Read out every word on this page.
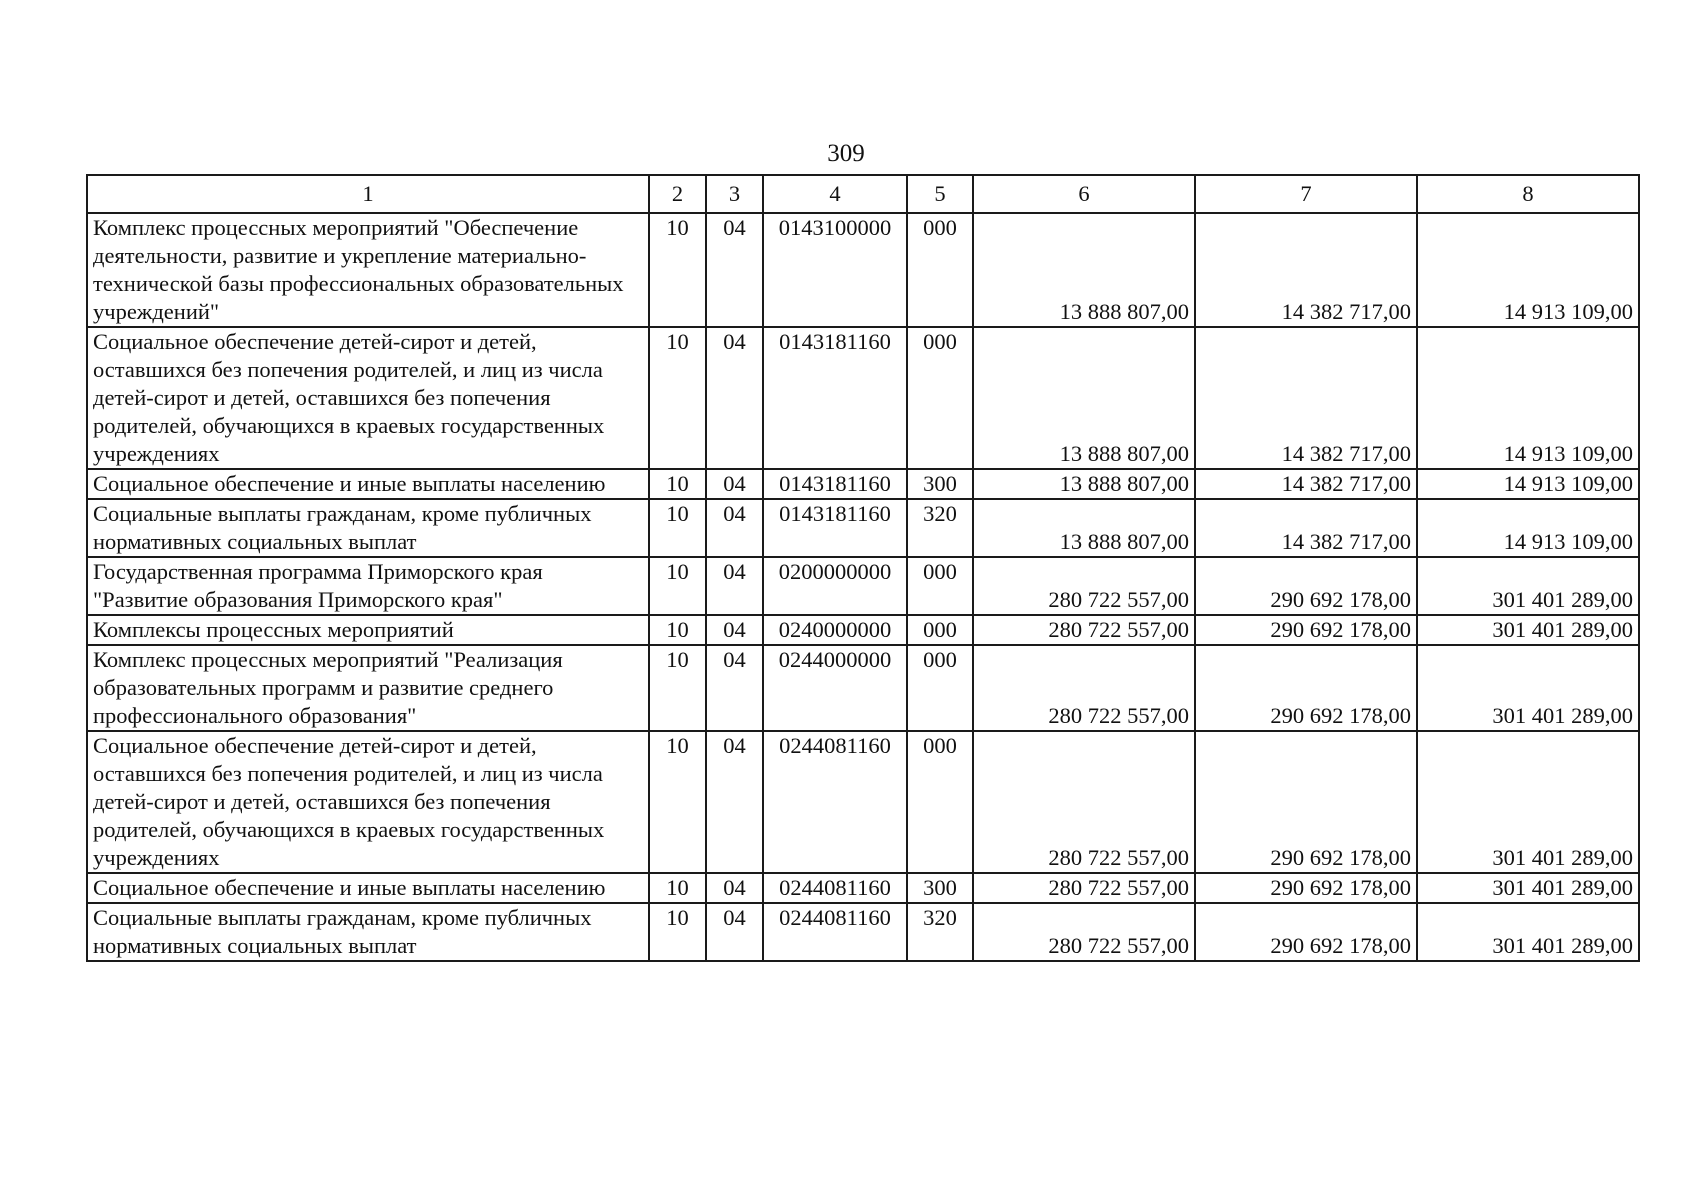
309
1	2	3	4	5	6	7	8
Комплекс процессных мероприятий "Обеспечение деятельности, развитие и укрепление материально-технической базы профессиональных образовательных учреждений"	10	04	0143100000	000	13 888 807,00	14 382 717,00	14 913 109,00
Социальное обеспечение детей-сирот и детей, оставшихся без попечения родителей, и лиц из числа детей-сирот и детей, оставшихся без попечения родителей, обучающихся в краевых государственных учреждениях	10	04	0143181160	000	13 888 807,00	14 382 717,00	14 913 109,00
Социальное обеспечение и иные выплаты населению	10	04	0143181160	300	13 888 807,00	14 382 717,00	14 913 109,00
Социальные выплаты гражданам, кроме публичных нормативных социальных выплат	10	04	0143181160	320	13 888 807,00	14 382 717,00	14 913 109,00
Государственная программа Приморского края "Развитие образования Приморского края"	10	04	0200000000	000	280 722 557,00	290 692 178,00	301 401 289,00
Комплексы процессных мероприятий	10	04	0240000000	000	280 722 557,00	290 692 178,00	301 401 289,00
Комплекс процессных мероприятий "Реализация образовательных программ и развитие среднего профессионального образования"	10	04	0244000000	000	280 722 557,00	290 692 178,00	301 401 289,00
Социальное обеспечение детей-сирот и детей, оставшихся без попечения родителей, и лиц из числа детей-сирот и детей, оставшихся без попечения родителей, обучающихся в краевых государственных учреждениях	10	04	0244081160	000	280 722 557,00	290 692 178,00	301 401 289,00
Социальное обеспечение и иные выплаты населению	10	04	0244081160	300	280 722 557,00	290 692 178,00	301 401 289,00
Социальные выплаты гражданам, кроме публичных нормативных социальных выплат	10	04	0244081160	320	280 722 557,00	290 692 178,00	301 401 289,00
